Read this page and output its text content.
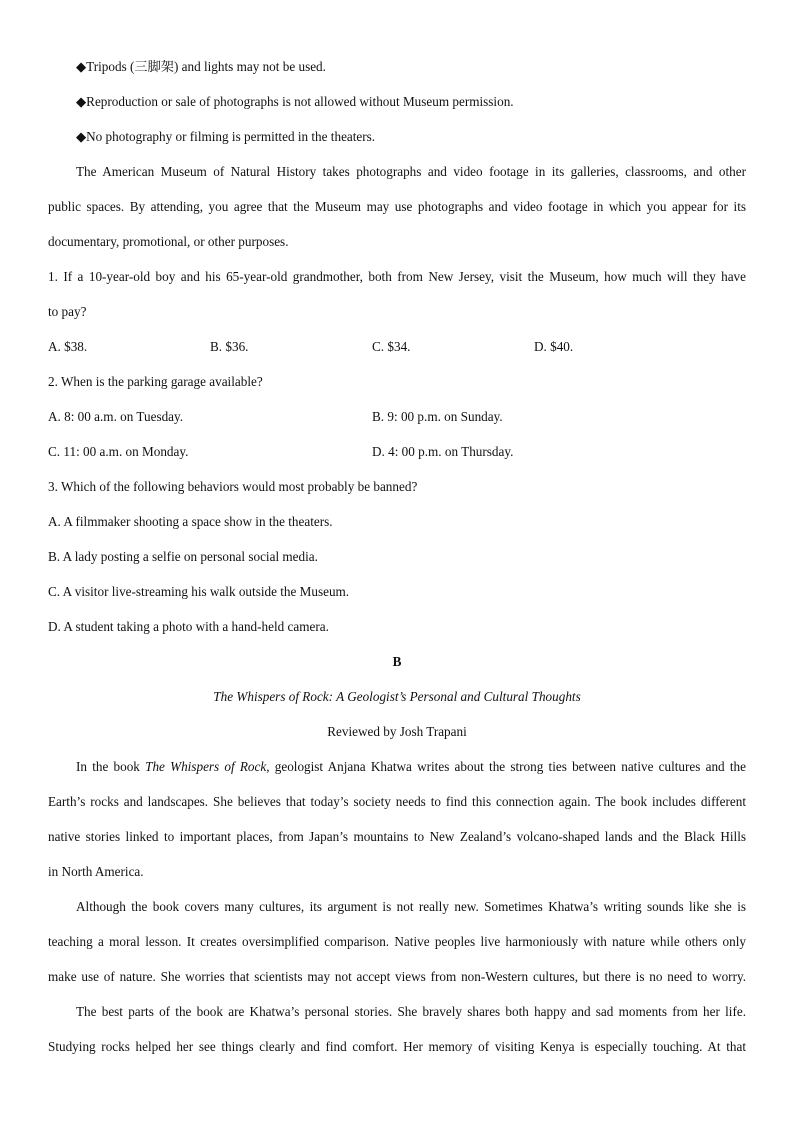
◆Tripods (三脚架) and lights may not be used.
◆Reproduction or sale of photographs is not allowed without Museum permission.
◆No photography or filming is permitted in the theaters.
The American Museum of Natural History takes photographs and video footage in its galleries, classrooms, and other
public spaces. By attending, you agree that the Museum may use photographs and video footage in which you appear for its
documentary, promotional, or other purposes.
1. If a 10-year-old boy and his 65-year-old grandmother, both from New Jersey, visit the Museum, how much will they have
to pay?
A. $38.	B. $36.	C. $34.	D. $40.
2. When is the parking garage available?
A. 8: 00 a.m. on Tuesday.	B. 9: 00 p.m. on Sunday.
C. 11: 00 a.m. on Monday.	D. 4: 00 p.m. on Thursday.
3. Which of the following behaviors would most probably be banned?
A. A filmmaker shooting a space show in the theaters.
B. A lady posting a selfie on personal social media.
C. A visitor live-streaming his walk outside the Museum.
D. A student taking a photo with a hand-held camera.
B
The Whispers of Rock: A Geologist’s Personal and Cultural Thoughts
Reviewed by Josh Trapani
In the book The Whispers of Rock, geologist Anjana Khatwa writes about the strong ties between native cultures and the
Earth’s rocks and landscapes. She believes that today’s society needs to find this connection again. The book includes different
native stories linked to important places, from Japan’s mountains to New Zealand’s volcano-shaped lands and the Black Hills
in North America.
Although the book covers many cultures, its argument is not really new. Sometimes Khatwa’s writing sounds like she is
teaching a moral lesson. It creates oversimplified comparison. Native peoples live harmoniously with nature while others only
make use of nature. She worries that scientists may not accept views from non-Western cultures, but there is no need to worry.
The best parts of the book are Khatwa’s personal stories. She bravely shares both happy and sad moments from her life.
Studying rocks helped her see things clearly and find comfort. Her memory of visiting Kenya is especially touching. At that
